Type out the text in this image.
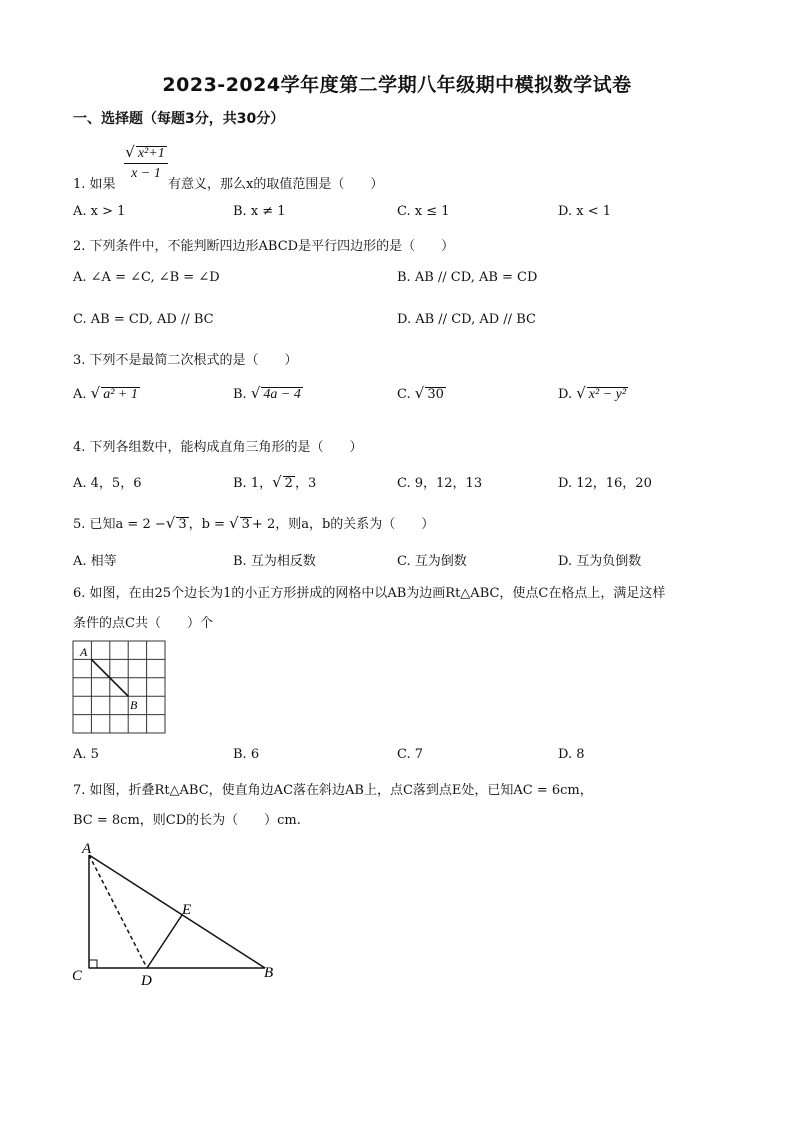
2023-2024学年度第二学期八年级期中模拟数学试卷
一、选择题（每题3分，共30分）
1. 如果
$\frac{\text{√ x²+1}}{x - 1}$
有意义，那么x的取值范围是（　　）
A. x > 1	B. x ≠ 1	C. x ≤ 1	D. x < 1
2. 下列条件中，不能判断四边形ABCD是平行四边形的是（　　）
A. ∠A = ∠C, ∠B = ∠D	B. AB // CD, AB = CD
C. AB = CD, AD // BC	D. AB // CD, AD // BC
3. 下列不是最简二次根式的是（　　）
A. √ a² + 1	B. √ 4a − 4	C. √ 30	D. √ x² − y²
4. 下列各组数中，能构成直角三角形的是（　　）
A. 4，5，6	B. 1，√ 2 ，3	C. 9，12，13	D. 12，16，20
5. 已知a = 2 −√ 3 ，b = √ 3 + 2，则a，b的关系为（　　）
A. 相等	B. 互为相反数	C. 互为倒数	D. 互为负倒数
6. 如图，在由25个边长为1的小正方形拼成的网格中以AB为边画Rt△ABC，使点C在格点上，满足这样
条件的点C共（　　）个
A
B
A. 5	B. 6	C. 7	D. 8
7. 如图，折叠Rt△ABC，使直角边AC落在斜边AB上，点C落到点E处，已知AC = 6cm，
BC = 8cm，则CD的长为（　　）cm.
A
B
C	D
E
